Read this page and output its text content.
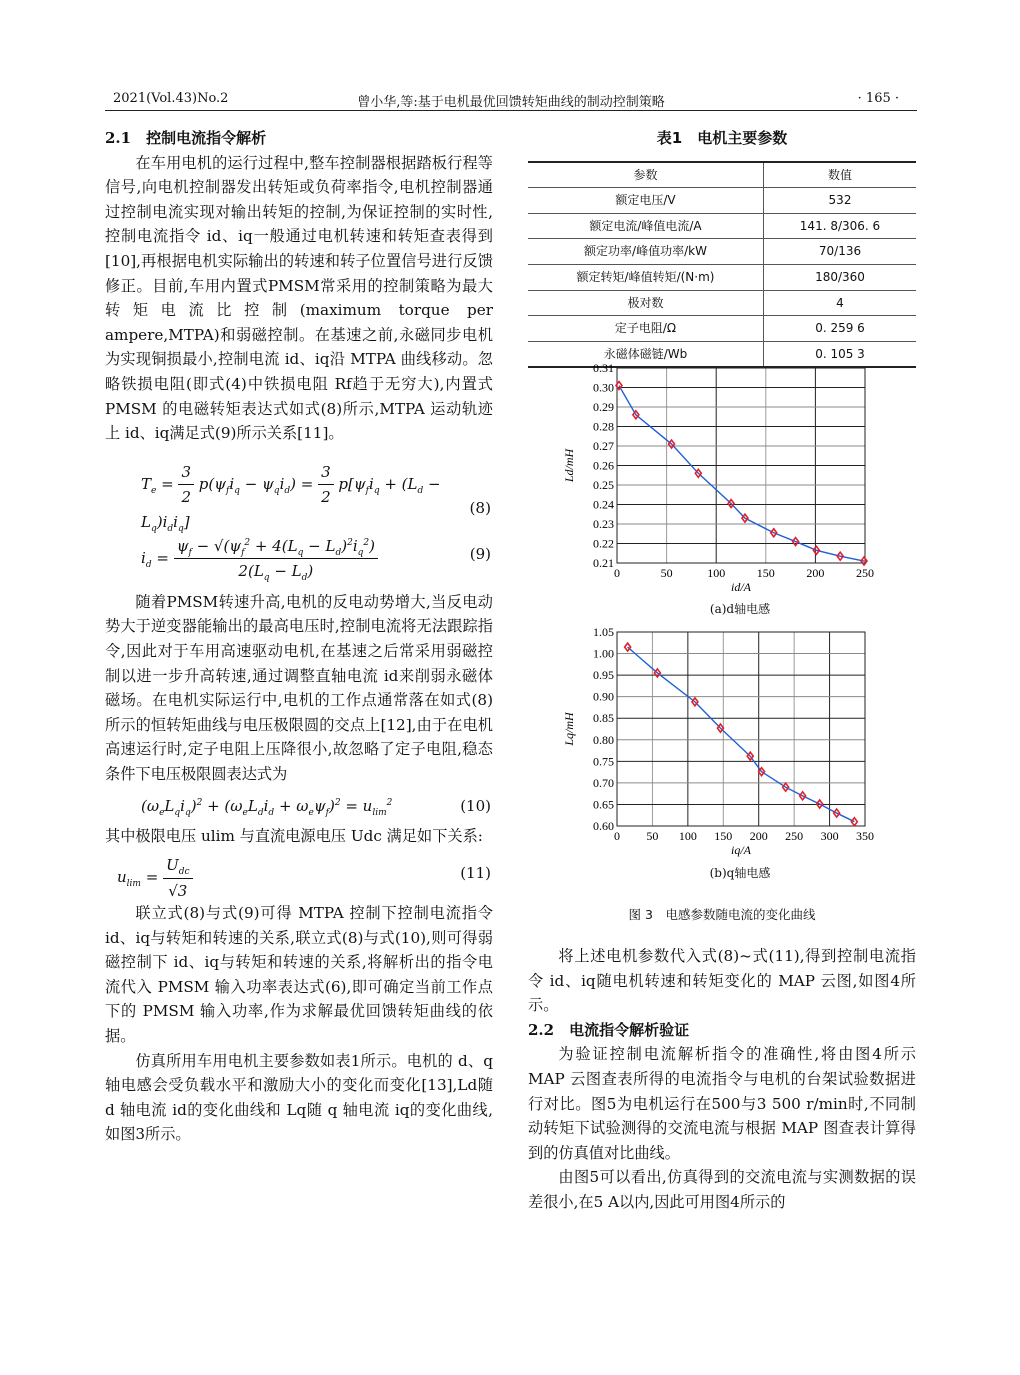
2021(Vol.43)No.2	曾小华,等:基于电机最优回馈转矩曲线的制动控制策略	· 165 ·

2.1　控制电流指令解析

在车用电机的运行过程中,整车控制器根据踏板行程等信号,向电机控制器发出转矩或负荷率指令,电机控制器通过控制电流实现对输出转矩的控制,为保证控制的实时性,控制电流指令 id、iq一般通过电机转速和转矩查表得到[10],再根据电机实际输出的转速和转子位置信号进行反馈修正。目前,车用内置式PMSM常采用的控制策略为最大转矩电流比控制(maximum torque per ampere,MTPA)和弱磁控制。在基速之前,永磁同步电机为实现铜损最小,控制电流 id、iq沿 MTPA 曲线移动。忽略铁损电阻(即式(4)中铁损电阻 Rf趋于无穷大),内置式 PMSM 的电磁转矩表达式如式(8)所示,MTPA 运动轨迹上 id、iq满足式(9)所示关系[11]。

$T_e = \frac{3}{2} p(\psi_fi_q - \psi_qi_d) = \frac{3}{2} p[\psi_fi_q + (L_d - L_q)i_di_q]$
(8)
$i_d = \frac{\psi_f - √(\psi_f^2 + 4(L_q - L_d)^2i_q^2)}{2(L_q - L_d)}$	(9)

随着PMSM转速升高,电机的反电动势增大,当反电动势大于逆变器能输出的最高电压时,控制电流将无法跟踪指令,因此对于车用高速驱动电机,在基速之后常采用弱磁控制以进一步升高转速,通过调整直轴电流 id来削弱永磁体磁场。在电机实际运行中,电机的工作点通常落在如式(8)所示的恒转矩曲线与电压极限圆的交点上[12],由于在电机高速运行时,定子电阻上压降很小,故忽略了定子电阻,稳态条件下电压极限圆表达式为

$(\omega_eL_qi_q)^2 + (\omega_eL_di_d + \omega_e\psi_f)^2 = u_{lim}^2$	(10)

其中极限电压 ulim 与直流电源电压 Udc 满足如下关系:

$u_{lim} = \frac{U_{dc}}{√3}$	(11)

联立式(8)与式(9)可得 MTPA 控制下控制电流指令 id、iq与转矩和转速的关系,联立式(8)与式(10),则可得弱磁控制下 id、iq与转矩和转速的关系,将解析出的指令电流代入 PMSM 输入功率表达式(6),即可确定当前工作点下的 PMSM 输入功率,作为求解最优回馈转矩曲线的依据。

仿真所用车用电机主要参数如表1所示。电机的 d、q 轴电感会受负载水平和激励大小的变化而变化[13],Ld随 d 轴电流 id的变化曲线和 Lq随 q 轴电流 iq的变化曲线,如图3所示。

表1　电机主要参数

参数	数值
额定电压/V	532
额定电流/峰值电流/A	141. 8/306. 6
额定功率/峰值功率/kW	70/136
额定转矩/峰值转矩/(N·m)	180/360
极对数	4
定子电阻/Ω	0. 259 6
永磁体磁链/Wb	0. 105 3
0	50	100	150	200	250
0.21
0.22
0.23
0.24
0.25
0.26
0.27
0.28
0.29
0.30
0.31
id/A
Ld/mH
(a)d轴电感
0 50 100 150 200 250 300 350
0.60
0.65
0.70
0.75
0.80
0.85
0.90
0.95
1.00
1.05
iq/A
Lq/mH
(b)q轴电感
图 3　电感参数随电流的变化曲线

将上述电机参数代入式(8)~式(11),得到控制电流指令 id、iq随电机转速和转矩变化的 MAP 云图,如图4所示。

2.2　电流指令解析验证

为验证控制电流解析指令的准确性,将由图4所示 MAP 云图查表所得的电流指令与电机的台架试验数据进行对比。图5为电机运行在500与3 500 r/min时,不同制动转矩下试验测得的交流电流与根据 MAP 图查表计算得到的仿真值对比曲线。

由图5可以看出,仿真得到的交流电流与实测数据的误差很小,在5 A以内,因此可用图4所示的
